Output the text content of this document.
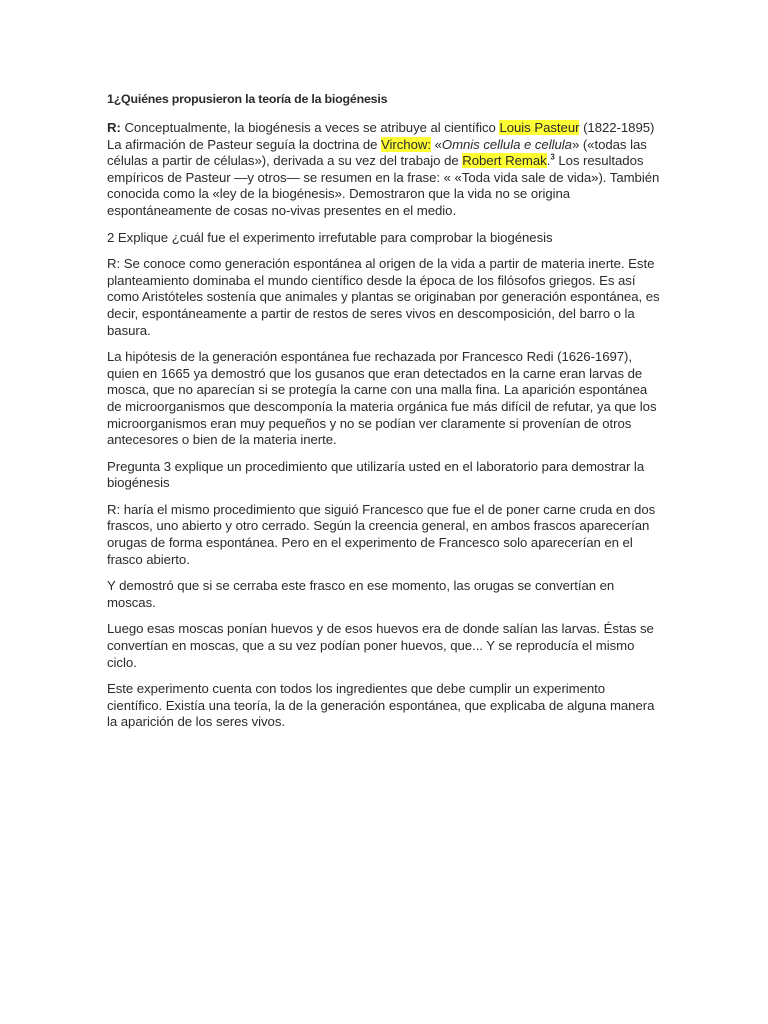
1¿Quiénes propusieron la teoría de la biogénesis

R: Conceptualmente, la biogénesis a veces se atribuye al científico Louis Pasteur (1822-1895) La afirmación de Pasteur seguía la doctrina de Virchow: «Omnis cellula e cellula» («todas las células a partir de células»), derivada a su vez del trabajo de Robert Remak.$^3$ Los resultados empíricos de Pasteur —y otros— se resumen en la frase: « «Toda vida sale de vida»). También conocida como la «ley de la biogénesis». Demostraron que la vida no se origina espontáneamente de cosas no-vivas presentes en el medio.

2 Explique ¿cuál fue el experimento irrefutable para comprobar la biogénesis

R: Se conoce como generación espontánea al origen de la vida a partir de materia inerte. Este planteamiento dominaba el mundo científico desde la época de los filósofos griegos. Es así como Aristóteles sostenía que animales y plantas se originaban por generación espontánea, es decir, espontáneamente a partir de restos de seres vivos en descomposición, del barro o la basura.

La hipótesis de la generación espontánea fue rechazada por Francesco Redi (1626-1697), quien en 1665 ya demostró que los gusanos que eran detectados en la carne eran larvas de mosca, que no aparecían si se protegía la carne con una malla fina. La aparición espontánea de microorganismos que descomponía la materia orgánica fue más difícil de refutar, ya que los microorganismos eran muy pequeños y no se podían ver claramente si provenían de otros antecesores o bien de la materia inerte.

Pregunta 3 explique un procedimiento que utilizaría usted en el laboratorio para demostrar la biogénesis

R: haría el mismo procedimiento que siguió Francesco que fue el de poner carne cruda en dos frascos, uno abierto y otro cerrado. Según la creencia general, en ambos frascos aparecerían orugas de forma espontánea. Pero en el experimento de Francesco solo aparecerían en el frasco abierto.

Y demostró que si se cerraba este frasco en ese momento, las orugas se convertían en moscas.

Luego esas moscas ponían huevos y de esos huevos era de donde salían las larvas. Éstas se convertían en moscas, que a su vez podían poner huevos, que... Y se reproducía el mismo ciclo.

Este experimento cuenta con todos los ingredientes que debe cumplir un experimento científico. Existía una teoría, la de la generación espontánea, que explicaba de alguna manera la aparición de los seres vivos.
